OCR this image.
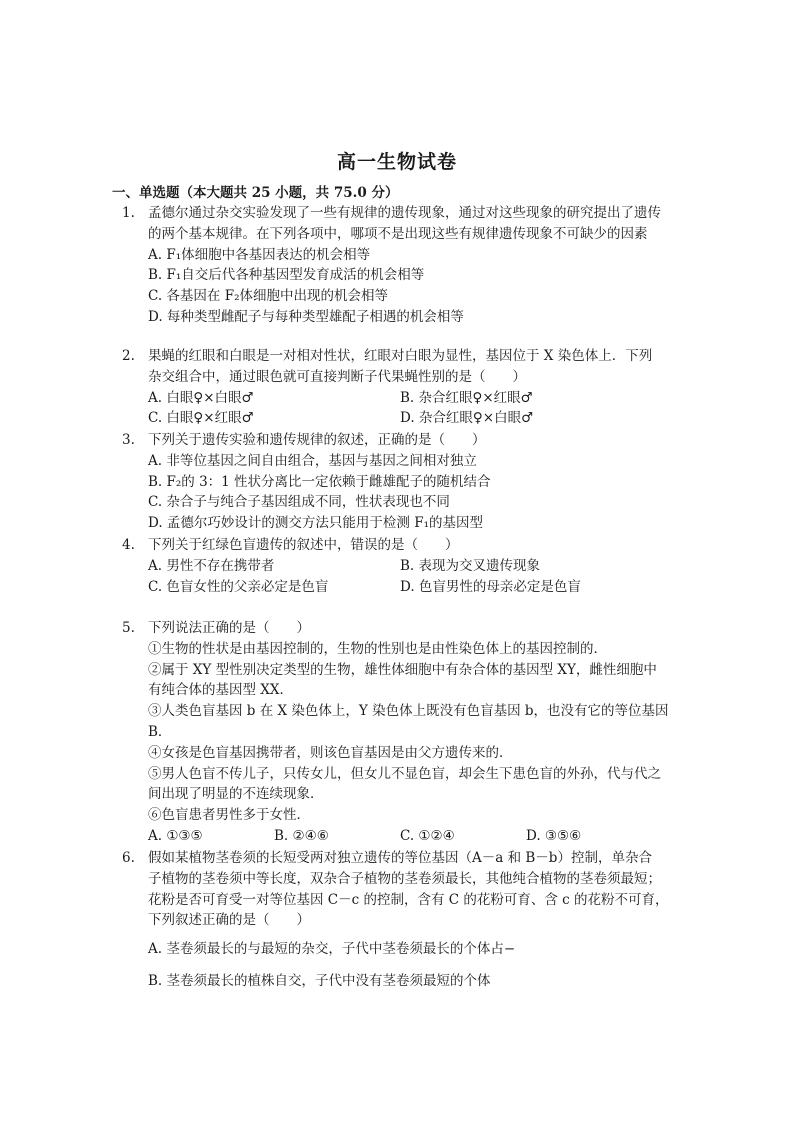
高一生物试卷
一、单选题（本大题共 25 小题，共 75.0 分）
1. 孟德尔通过杂交实验发现了一些有规律的遗传现象，通过对这些现象的研究提出了遗传

的两个基本规律。在下列各项中，哪项不是出现这些有规律遗传现象不可缺少的因素

A. F₁体细胞中各基因表达的机会相等

B. F₁自交后代各种基因型发育成活的机会相等

C. 各基因在 F₂体细胞中出现的机会相等

D. 每种类型雌配子与每种类型雄配子相遇的机会相等

2. 果蝇的红眼和白眼是一对相对性状，红眼对白眼为显性，基因位于 X 染色体上．下列

杂交组合中，通过眼色就可直接判断子代果蝇性别的是（　　）

A. 白眼♀×白眼♂	B. 杂合红眼♀×红眼♂
C. 白眼♀×红眼♂	D. 杂合红眼♀×白眼♂
3. 下列关于遗传实验和遗传规律的叙述，正确的是（　　）

A. 非等位基因之间自由组合，基因与基因之间相对独立

B. F₂的 3：1 性状分离比一定依赖于雌雄配子的随机结合

C. 杂合子与纯合子基因组成不同，性状表现也不同

D. 孟德尔巧妙设计的测交方法只能用于检测 F₁的基因型

4. 下列关于红绿色盲遗传的叙述中，错误的是（　　）

A. 男性不存在携带者	B. 表现为交叉遗传现象
C. 色盲女性的父亲必定是色盲	D. 色盲男性的母亲必定是色盲
5. 下列说法正确的是（　　）

①生物的性状是由基因控制的，生物的性别也是由性染色体上的基因控制的．

②属于 XY 型性别决定类型的生物，雄性体细胞中有杂合体的基因型 XY，雌性细胞中

有纯合体的基因型 XX．

③人类色盲基因 b 在 X 染色体上，Y 染色体上既没有色盲基因 b，也没有它的等位基因

B．

④女孩是色盲基因携带者，则该色盲基因是由父方遗传来的．

⑤男人色盲不传儿子，只传女儿，但女儿不显色盲，却会生下患色盲的外孙，代与代之

间出现了明显的不连续现象．

⑥色盲患者男性多于女性．

A. ①③⑤	B. ②④⑥	C. ①②④	D. ③⑤⑥
6. 假如某植物茎卷须的长短受两对独立遗传的等位基因（A－a 和 B－b）控制，单杂合

子植物的茎卷须中等长度，双杂合子植物的茎卷须最长，其他纯合植物的茎卷须最短；

花粉是否可育受一对等位基因 C－c 的控制，含有 C 的花粉可育、含 c 的花粉不可育，

下列叙述正确的是（　　）

A. 茎卷须最长的与最短的杂交，子代中茎卷须最长的个体占−

B. 茎卷须最长的植株自交，子代中没有茎卷须最短的个体
